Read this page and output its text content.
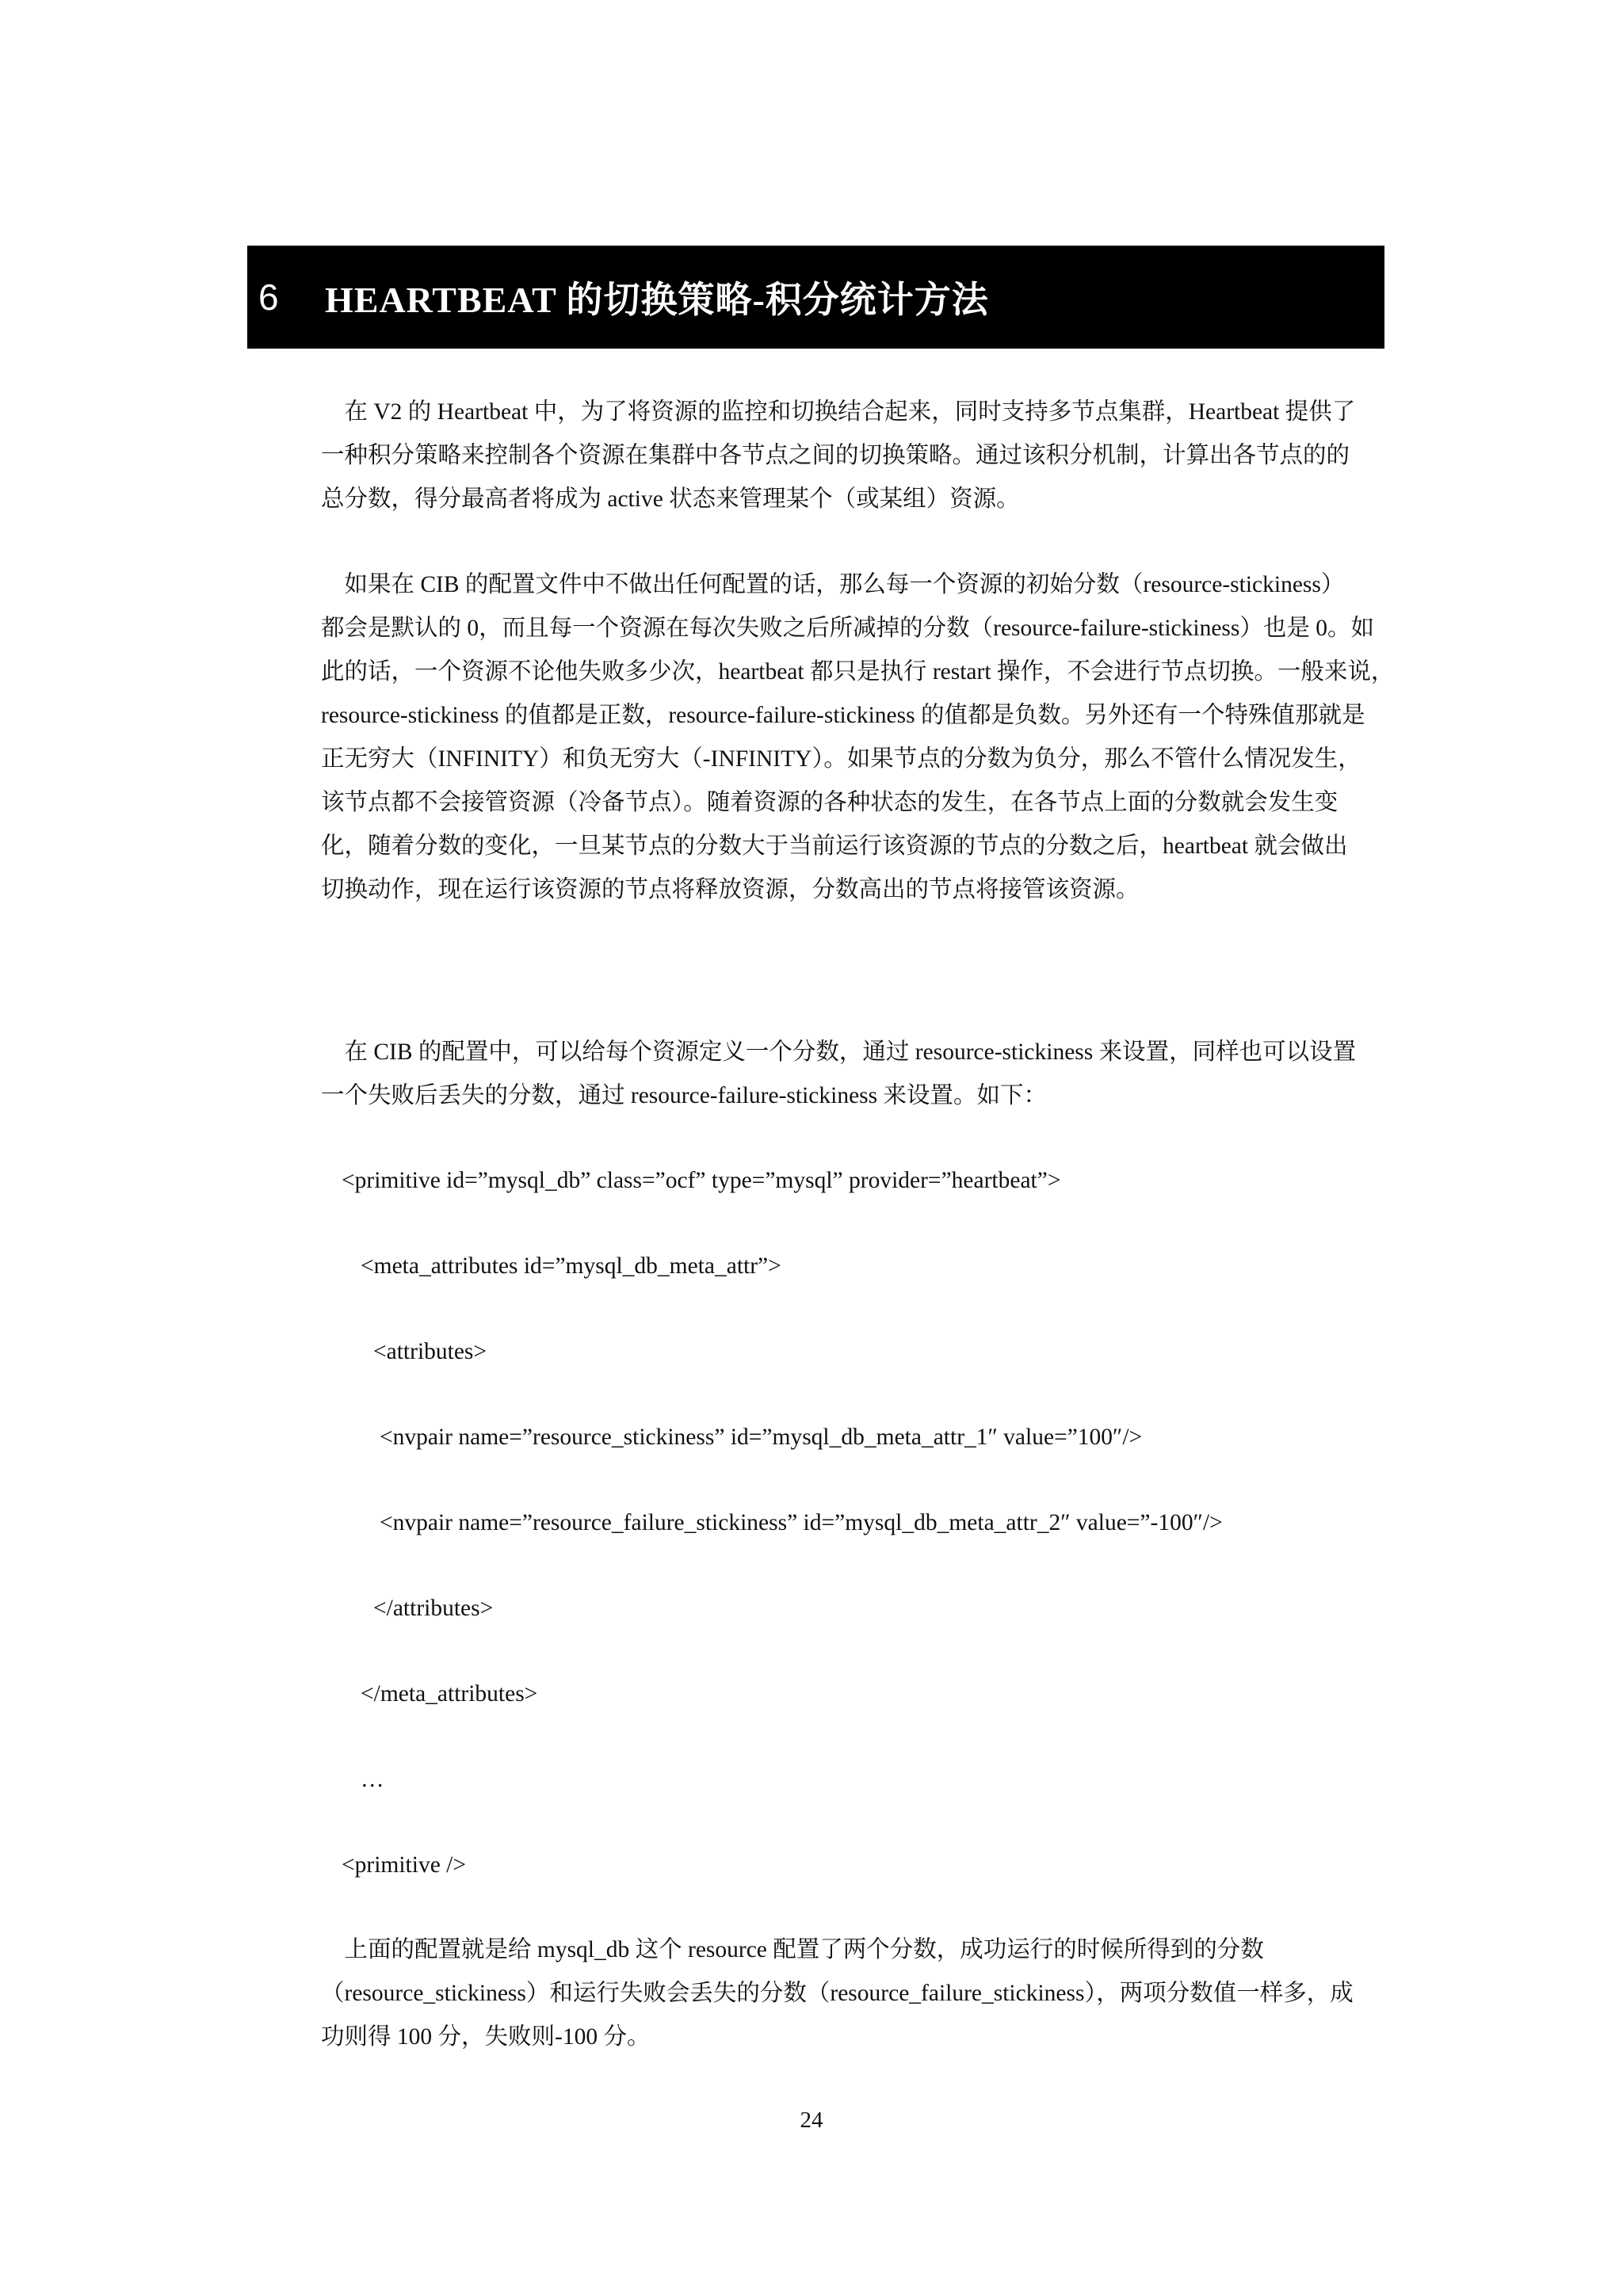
6	HEARTBEAT 的切换策略-积分统计方法
　在 V2 的 Heartbeat 中，为了将资源的监控和切换结合起来，同时支持多节点集群，Heartbeat 提供了
一种积分策略来控制各个资源在集群中各节点之间的切换策略。通过该积分机制，计算出各节点的的
总分数，得分最高者将成为 active 状态来管理某个（或某组）资源。
　如果在 CIB 的配置文件中不做出任何配置的话，那么每一个资源的初始分数（resource-stickiness）
都会是默认的 0，而且每一个资源在每次失败之后所减掉的分数（resource-failure-stickiness）也是 0。如
此的话，一个资源不论他失败多少次，heartbeat 都只是执行 restart 操作，不会进行节点切换。一般来说，
resource-stickiness 的值都是正数，resource-failure-stickiness 的值都是负数。另外还有一个特殊值那就是
正无穷大（INFINITY）和负无穷大（-INFINITY）。如果节点的分数为负分，那么不管什么情况发生，
该节点都不会接管资源（冷备节点）。随着资源的各种状态的发生，在各节点上面的分数就会发生变
化，随着分数的变化，一旦某节点的分数大于当前运行该资源的节点的分数之后，heartbeat 就会做出
切换动作，现在运行该资源的节点将释放资源，分数高出的节点将接管该资源。
　在 CIB 的配置中，可以给每个资源定义一个分数，通过 resource-stickiness 来设置，同样也可以设置
一个失败后丢失的分数，通过 resource-failure-stickiness 来设置。如下：
<primitive id=”mysql_db” class=”ocf” type=”mysql” provider=”heartbeat”>
<meta_attributes id=”mysql_db_meta_attr”>
<attributes>
<nvpair name=”resource_stickiness” id=”mysql_db_meta_attr_1″ value=”100″/>
<nvpair name=”resource_failure_stickiness” id=”mysql_db_meta_attr_2″ value=”-100″/>
</attributes>
</meta_attributes>
…
<primitive />
　上面的配置就是给 mysql_db 这个 resource 配置了两个分数，成功运行的时候所得到的分数
（resource_stickiness）和运行失败会丢失的分数（resource_failure_stickiness），两项分数值一样多，成
功则得 100 分，失败则-100 分。
24
